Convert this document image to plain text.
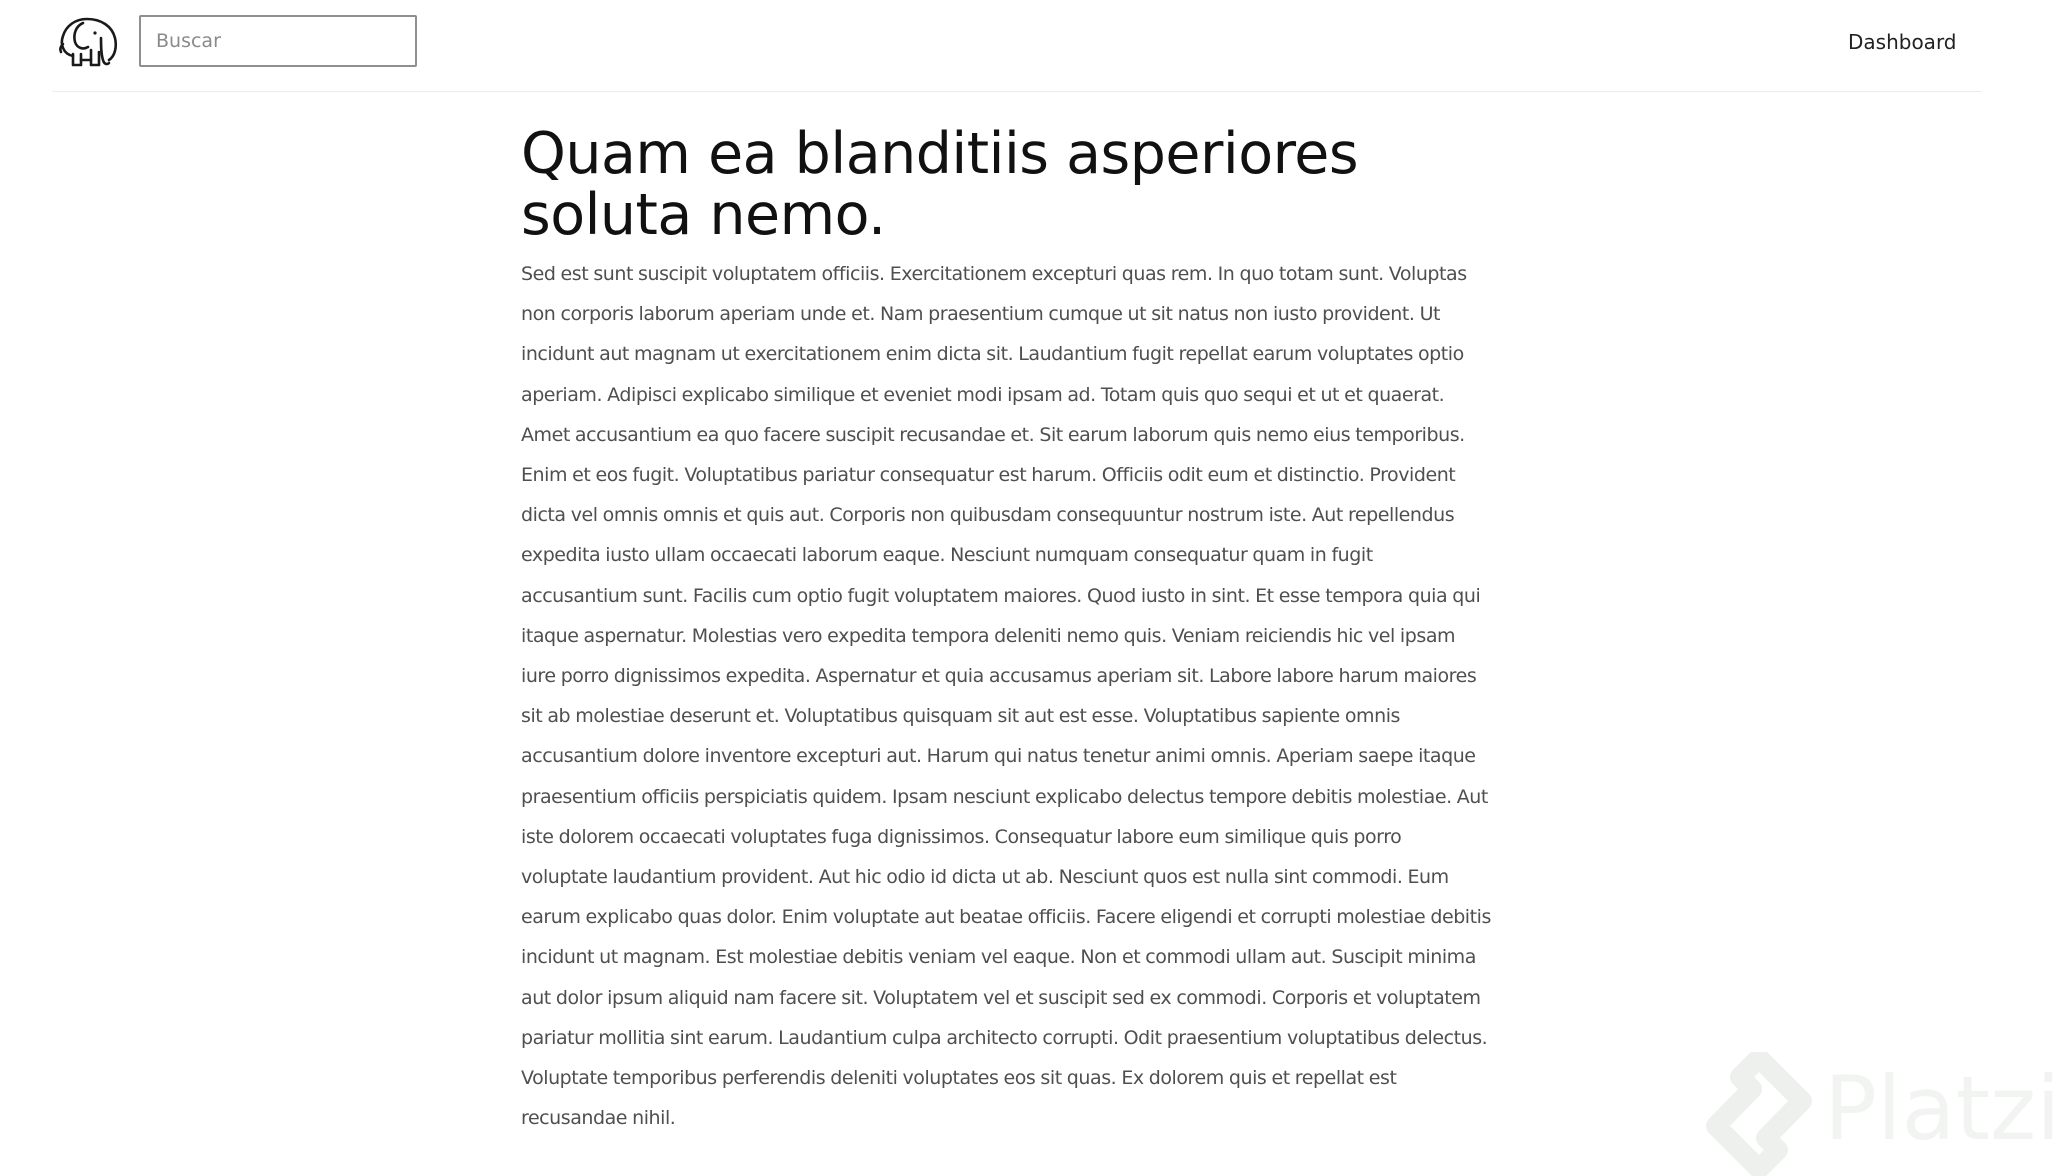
Buscar
Dashboard
Quam ea blanditiis asperiores soluta nemo.

Sed est sunt suscipit voluptatem officiis. Exercitationem excepturi quas rem. In quo totam sunt. Voluptas non corporis laborum aperiam unde et. Nam praesentium cumque ut sit natus non iusto provident. Ut incidunt aut magnam ut exercitationem enim dicta sit. Laudantium fugit repellat earum voluptates optio aperiam. Adipisci explicabo similique et eveniet modi ipsam ad. Totam quis quo sequi et ut et quaerat. Amet accusantium ea quo facere suscipit recusandae et. Sit earum laborum quis nemo eius temporibus. Enim et eos fugit. Voluptatibus pariatur consequatur est harum. Officiis odit eum et distinctio. Provident dicta vel omnis omnis et quis aut. Corporis non quibusdam consequuntur nostrum iste. Aut repellendus expedita iusto ullam occaecati laborum eaque. Nesciunt numquam consequatur quam in fugit accusantium sunt. Facilis cum optio fugit voluptatem maiores. Quod iusto in sint. Et esse tempora quia qui itaque aspernatur. Molestias vero expedita tempora deleniti nemo quis. Veniam reiciendis hic vel ipsam iure porro dignissimos expedita. Aspernatur et quia accusamus aperiam sit. Labore labore harum maiores sit ab molestiae deserunt et. Voluptatibus quisquam sit aut est esse. Voluptatibus sapiente omnis accusantium dolore inventore excepturi aut. Harum qui natus tenetur animi omnis. Aperiam saepe itaque praesentium officiis perspiciatis quidem. Ipsam nesciunt explicabo delectus tempore debitis molestiae. Aut iste dolorem occaecati voluptates fuga dignissimos. Consequatur labore eum similique quis porro voluptate laudantium provident. Aut hic odio id dicta ut ab. Nesciunt quos est nulla sint commodi. Eum earum explicabo quas dolor. Enim voluptate aut beatae officiis. Facere eligendi et corrupti molestiae debitis incidunt ut magnam. Est molestiae debitis veniam vel eaque. Non et commodi ullam aut. Suscipit minima aut dolor ipsum aliquid nam facere sit. Voluptatem vel et suscipit sed ex commodi. Corporis et voluptatem pariatur mollitia sint earum. Laudantium culpa architecto corrupti. Odit praesentium voluptatibus delectus. Voluptate temporibus perferendis deleniti voluptates eos sit quas. Ex dolorem quis et repellat est recusandae nihil.	Platzi
